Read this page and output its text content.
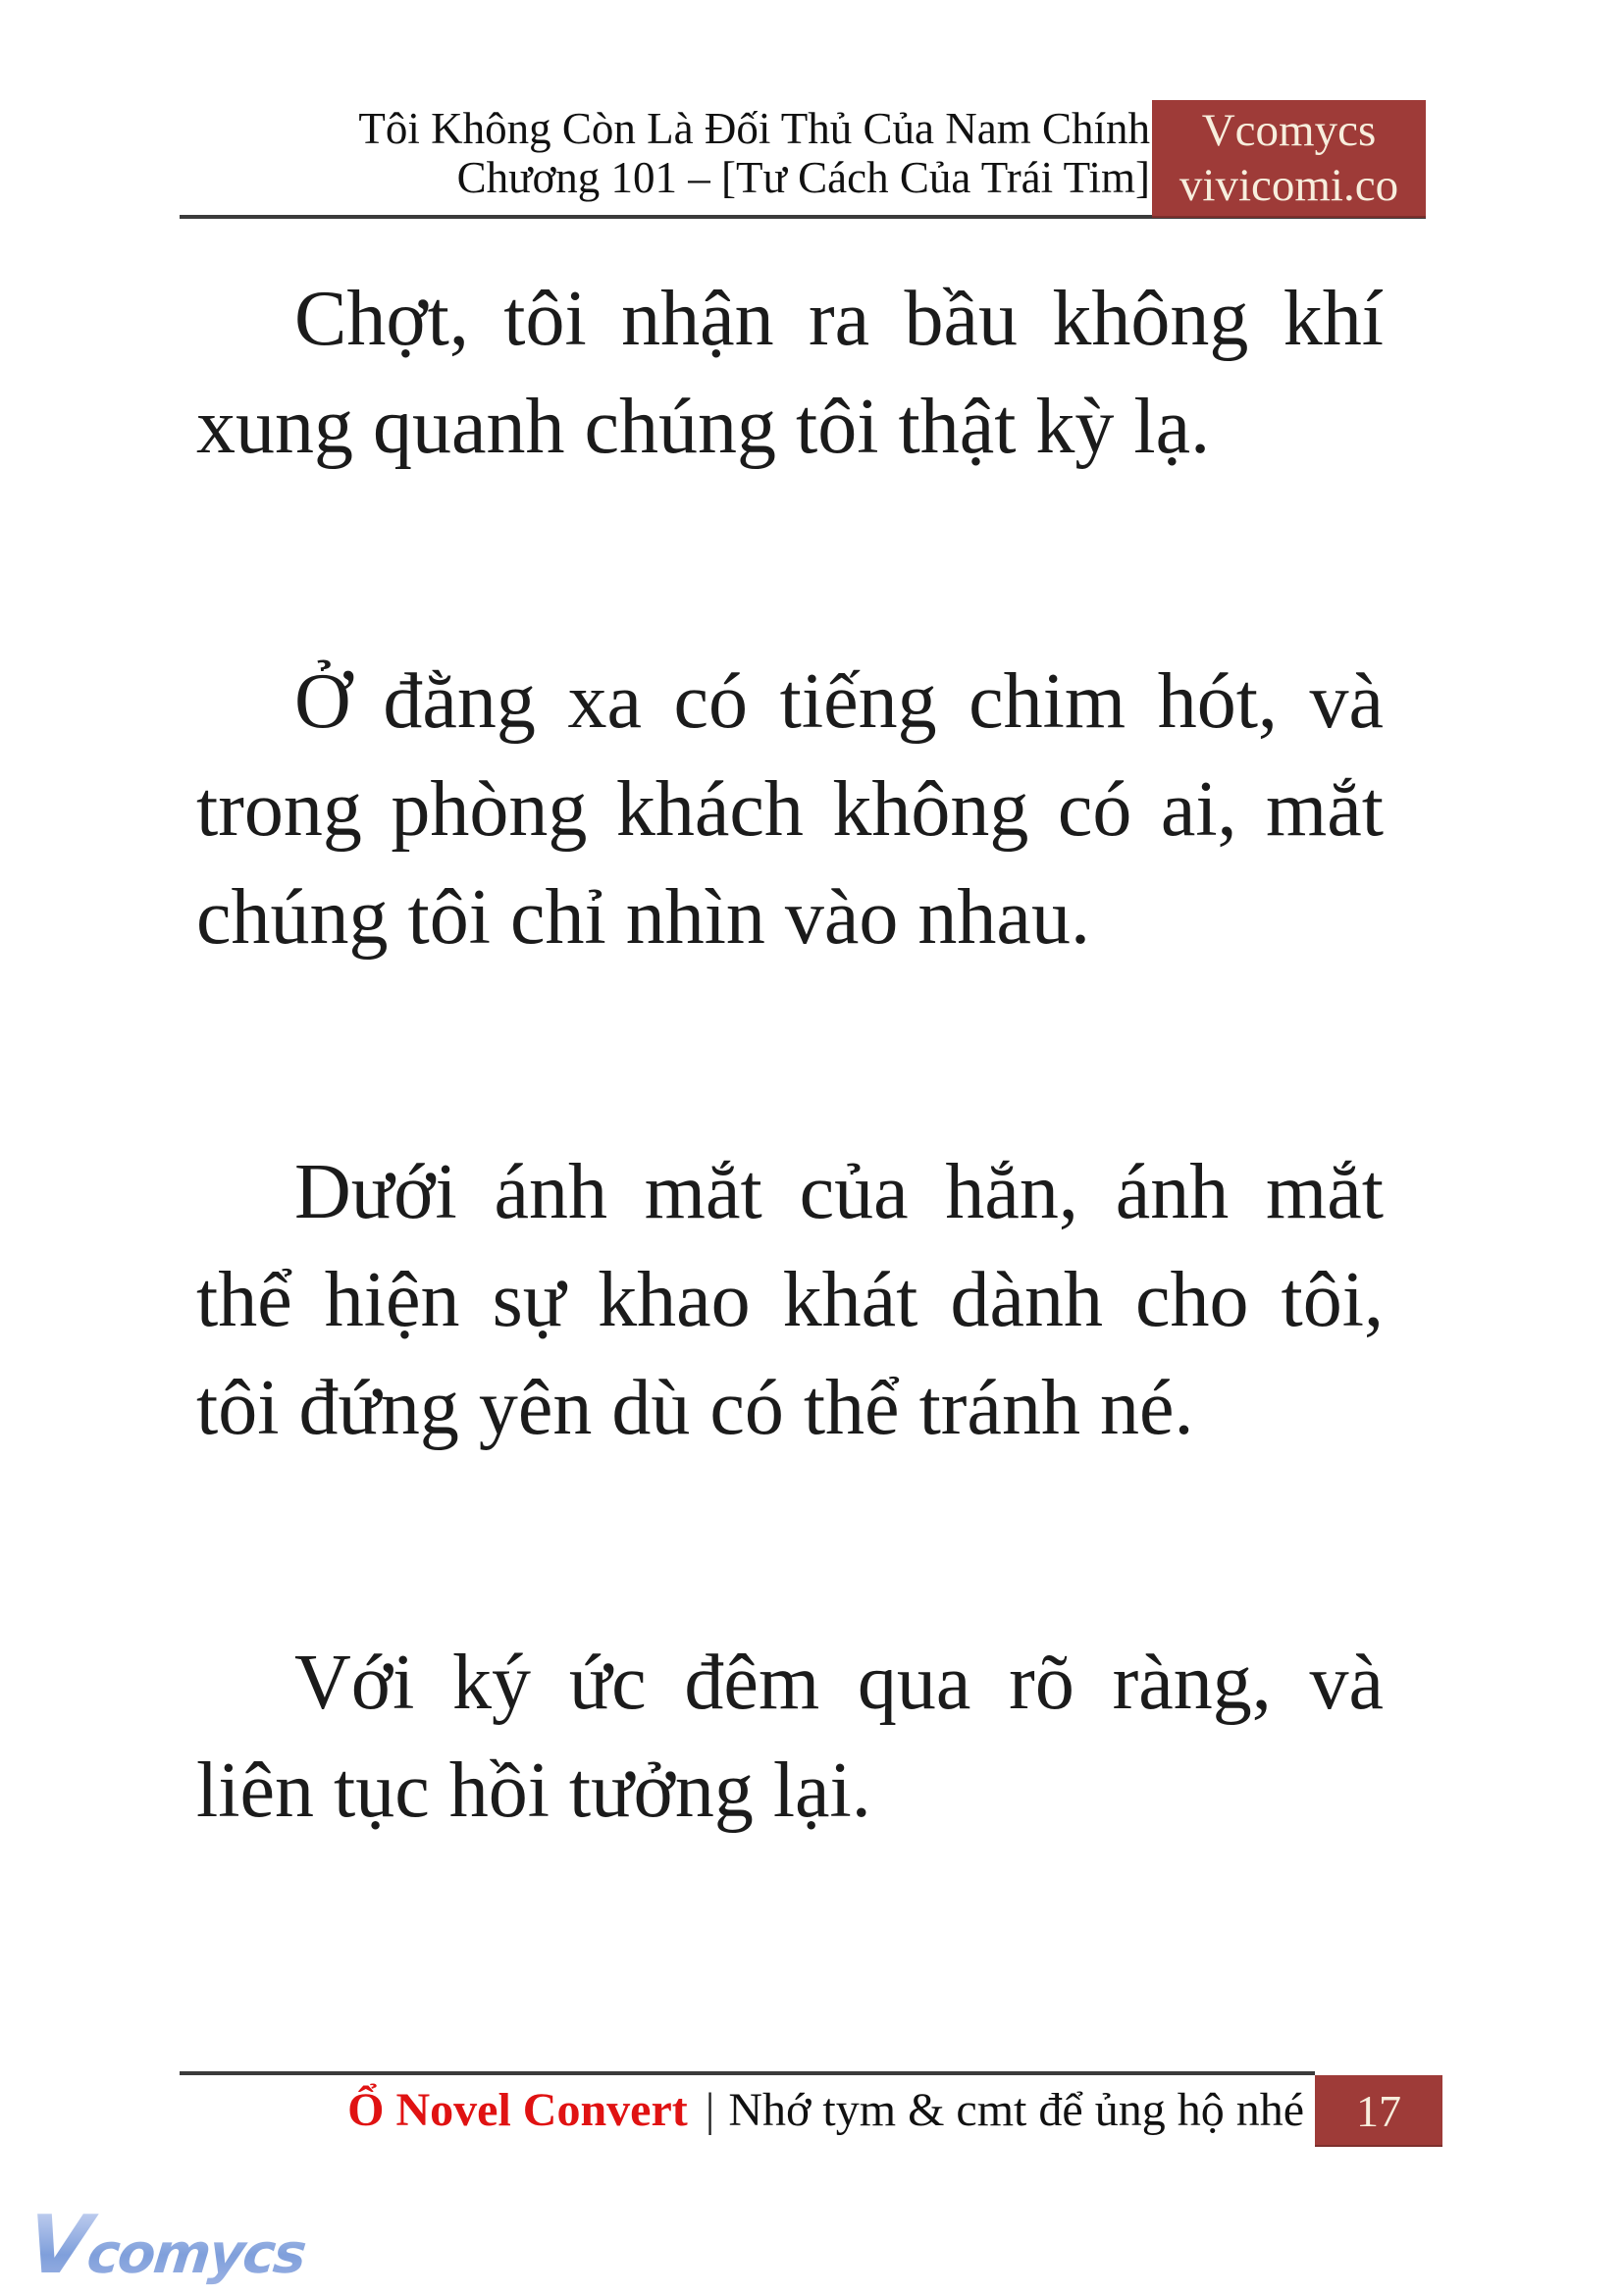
Tôi Không Còn Là Đối Thủ Của Nam Chính
Chương 101 – [Tư Cách Của Trái Tim]
Vcomycs
vivicomi.co

Chợt, tôi nhận ra bầu không khí xung quanh chúng tôi thật kỳ lạ.

Ở đằng xa có tiếng chim hót, và trong phòng khách không có ai, mắt chúng tôi chỉ nhìn vào nhau.

Dưới ánh mắt của hắn, ánh mắt thể hiện sự khao khát dành cho tôi, tôi đứng yên dù có thể tránh né.

Với ký ức đêm qua rõ ràng, và liên tục hồi tưởng lại.

Ổ Novel Convert | Nhớ tym & cmt để ủng hộ nhé	17
Vcomycs
